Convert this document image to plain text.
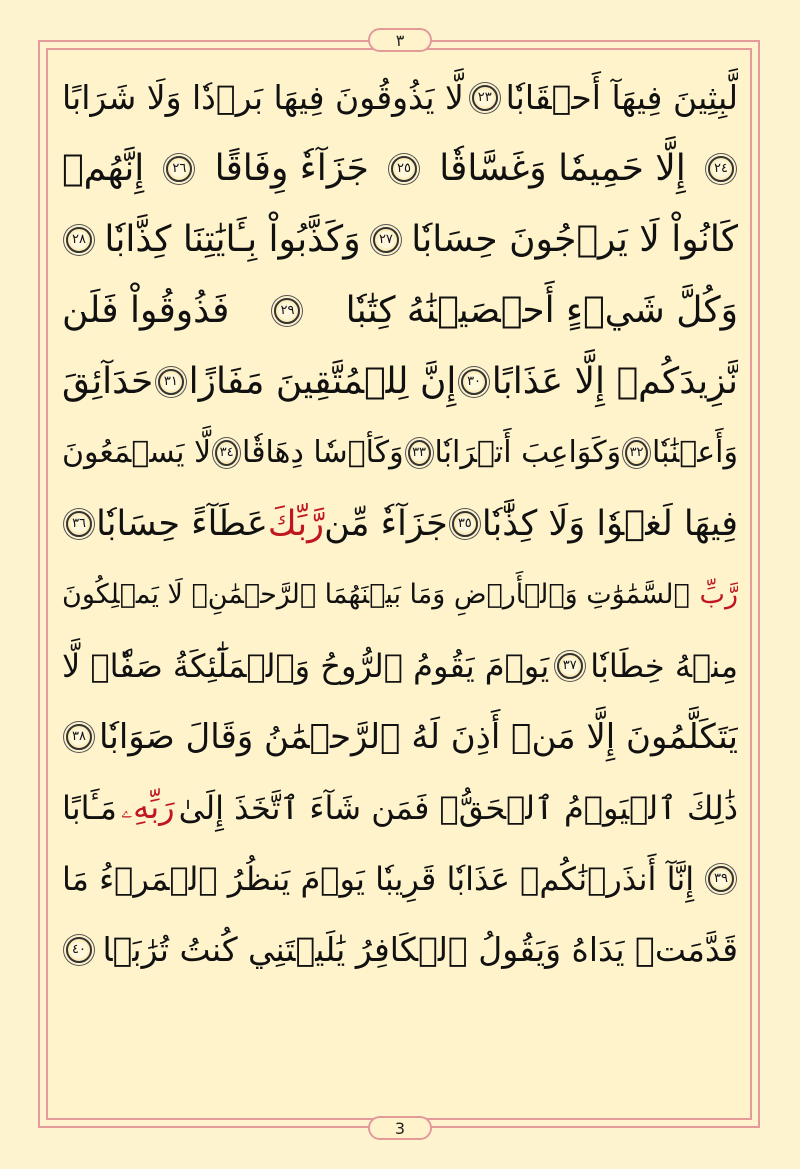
٣
لَّبِثِينَ فِيهَآ أَحۡقَابٗا
٢٣
لَّا يَذُوقُونَ فِيهَا بَرۡدٗا وَلَا شَرَابًا
٢٤
إِلَّا حَمِيمٗا وَغَسَّاقٗا
٢٥
جَزَآءٗ وِفَاقًا
٢٦
إِنَّهُمۡ
كَانُواْ لَا يَرۡجُونَ حِسَابٗا
٢٧
وَكَذَّبُواْ بِـَٔايَٰتِنَا كِذَّابٗا
٢٨
وَكُلَّ شَيۡءٍ أَحۡصَيۡنَٰهُ كِتَٰبٗا
٢٩
فَذُوقُواْ فَلَن
نَّزِيدَكُمۡ إِلَّا عَذَابًا
٣٠
إِنَّ لِلۡمُتَّقِينَ مَفَازًا
٣١
حَدَآئِقَ
وَأَعۡنَٰبٗا
٣٢
وَكَوَاعِبَ أَتۡرَابٗا
٣٣
وَكَأۡسٗا دِهَاقٗا
٣٤
لَّا يَسۡمَعُونَ
فِيهَا لَغۡوٗا وَلَا كِذَّٰبٗا
٣٥
جَزَآءٗ مِّن
رَّبِّكَ
عَطَآءً حِسَابٗا
٣٦
رَّبِّ
ٱلسَّمَٰوَٰتِ وَٱلۡأَرۡضِ وَمَا بَيۡنَهُمَا ٱلرَّحۡمَٰنِۖ لَا يَمۡلِكُونَ
مِنۡهُ خِطَابٗا
٣٧
يَوۡمَ يَقُومُ ٱلرُّوحُ وَٱلۡمَلَٰٓئِكَةُ صَفّٗاۖ لَّا
يَتَكَلَّمُونَ إِلَّا مَنۡ أَذِنَ لَهُ ٱلرَّحۡمَٰنُ وَقَالَ صَوَابٗا
٣٨
ذَٰلِكَ ٱلۡيَوۡمُ ٱلۡحَقُّۖ فَمَن شَآءَ ٱتَّخَذَ إِلَىٰ
رَبِّهِۦ
مَـَٔابًا
٣٩
إِنَّآ أَنذَرۡنَٰكُمۡ عَذَابٗا قَرِيبٗا يَوۡمَ يَنظُرُ ٱلۡمَرۡءُ مَا
قَدَّمَتۡ يَدَاهُ وَيَقُولُ ٱلۡكَافِرُ يَٰلَيۡتَنِي كُنتُ تُرَٰبَۢا
٤٠
3
